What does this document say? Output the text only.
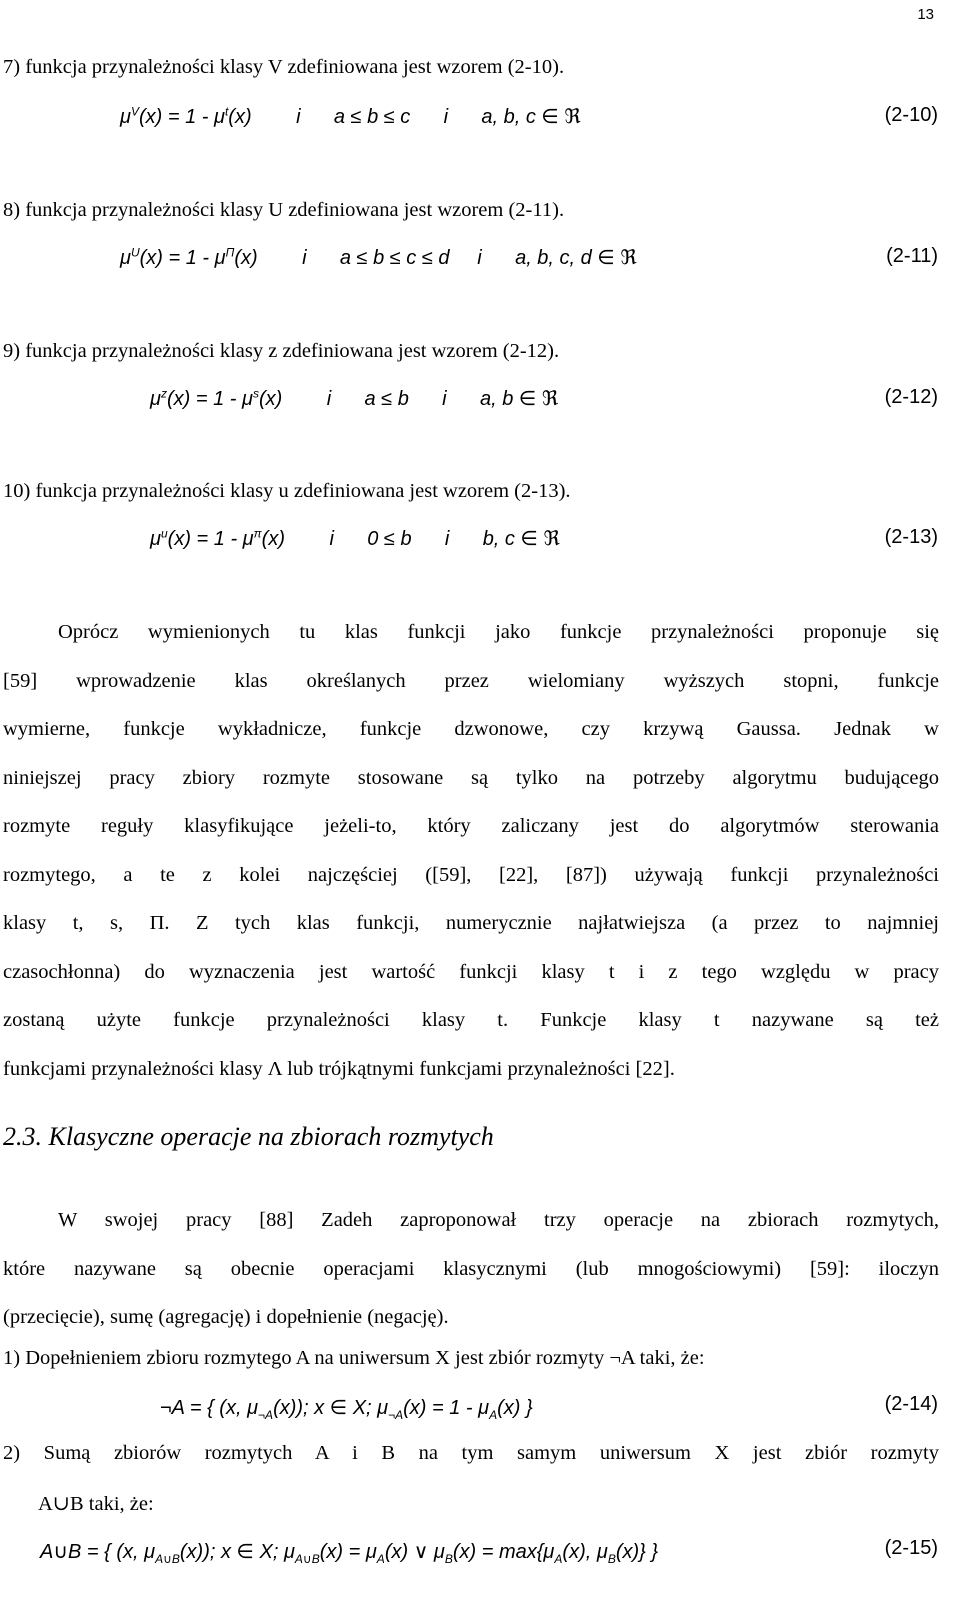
13
7) funkcja przynależności klasy V zdefiniowana jest wzorem (2-10).
$\mu^V(x) = 1 - \mu^t(x)$        i      a ≤ b ≤ c      i      a, b, c ∈ ℜ	(2-10)
8) funkcja przynależności klasy U zdefiniowana jest wzorem (2-11).
$\mu^U(x) = 1 - \mu^\Pi(x)$        i      a ≤ b ≤ c ≤ d     i      a, b, c, d ∈ ℜ	(2-11)
9) funkcja przynależności klasy z zdefiniowana jest wzorem (2-12).
$\mu^z(x) = 1 - \mu^s(x)$        i      a ≤ b      i      a, b ∈ ℜ	(2-12)
10) funkcja przynależności klasy u zdefiniowana jest wzorem (2-13).
$\mu^u(x) = 1 - \mu^\pi(x)$        i      0 ≤ b      i      b, c ∈ ℜ	(2-13)
Oprócz wymienionych tu klas funkcji jako funkcje przynależności proponuje się
[59] wprowadzenie klas określanych przez wielomiany wyższych stopni, funkcje
wymierne, funkcje wykładnicze, funkcje dzwonowe, czy krzywą Gaussa. Jednak w
niniejszej pracy zbiory rozmyte stosowane są tylko na potrzeby algorytmu budującego
rozmyte reguły klasyfikujące jeżeli-to, który zaliczany jest do algorytmów sterowania
rozmytego, a te z kolei najczęściej ([59], [22], [87]) używają funkcji przynależności
klasy t, s, Π. Z tych klas funkcji, numerycznie najłatwiejsza (a przez to najmniej
czasochłonna) do wyznaczenia jest wartość funkcji klasy t i z tego względu w pracy
zostaną użyte funkcje przynależności klasy t. Funkcje klasy t nazywane są też
funkcjami przynależności klasy Λ lub trójkątnymi funkcjami przynależności [22].
2.3. Klasyczne operacje na zbiorach rozmytych
W swojej pracy [88] Zadeh zaproponował trzy operacje na zbiorach rozmytych,
które nazywane są obecnie operacjami klasycznymi (lub mnogościowymi) [59]: iloczyn
(przecięcie), sumę (agregację) i dopełnienie (negację).
1) Dopełnieniem zbioru rozmytego A na uniwersum X jest zbiór rozmyty ¬A taki, że:
¬A = { (x, $\mu_{\neg A}(x)$); x ∈ X; $\mu_{\neg A}(x) = 1 - \mu_A(x)$ }	(2-14)
2) Sumą zbiorów rozmytych A i B na tym samym uniwersum X jest zbiór rozmyty
A∪B taki, że:
A∪B = { (x, $\mu_{A\cup B}(x)$); x ∈ X; $\mu_{A\cup B}(x) = \mu_A(x)$ ∨ $\mu_B(x) = \max\{\mu_A(x)$, $\mu_B(x)$} }	(2-15)
